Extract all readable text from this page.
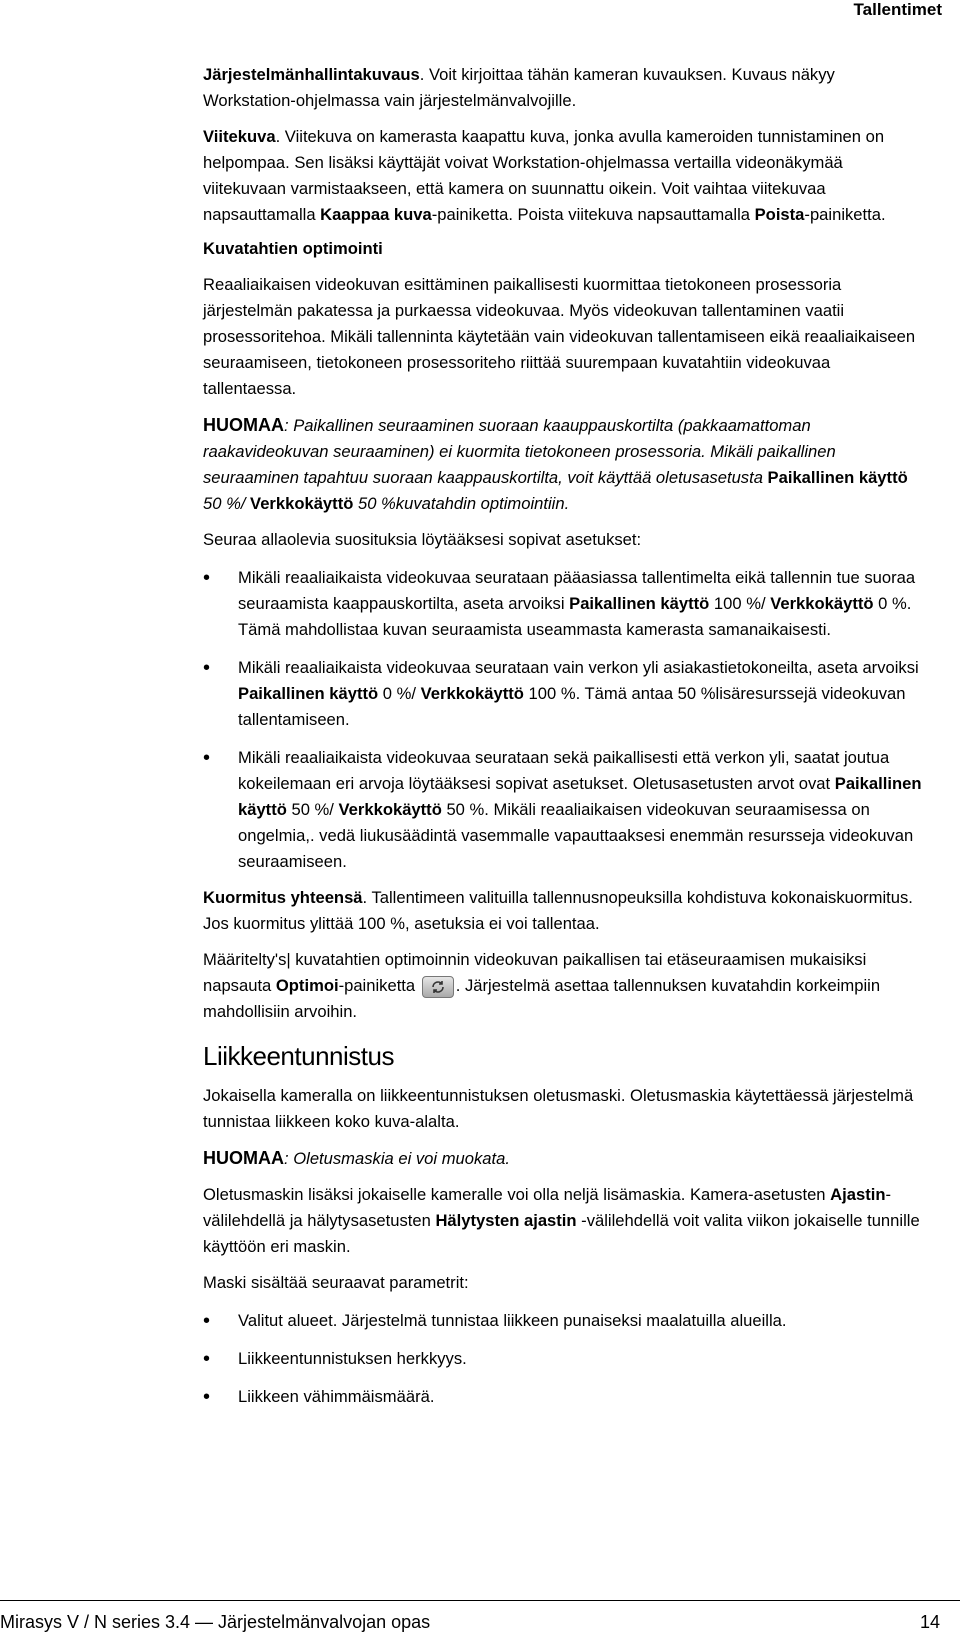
Tallentimet

Järjestelmänhallintakuvaus. Voit kirjoittaa tähän kameran kuvauksen. Kuvaus näkyy Workstation-ohjelmassa vain järjestelmänvalvojille.

Viitekuva. Viitekuva on kamerasta kaapattu kuva, jonka avulla kameroiden tunnistaminen on helpompaa. Sen lisäksi käyttäjät voivat Workstation-ohjelmassa vertailla videonäkymää viitekuvaan varmistaakseen, että kamera on suunnattu oikein. Voit vaihtaa viitekuvaa napsauttamalla Kaappaa kuva-painiketta. Poista viitekuva napsauttamalla Poista-painiketta.

Kuvatahtien optimointi

Reaaliaikaisen videokuvan esittäminen paikallisesti kuormittaa tietokoneen prosessoria järjestelmän pakatessa ja purkaessa videokuvaa. Myös videokuvan tallentaminen vaatii prosessoritehoa. Mikäli tallenninta käytetään vain videokuvan tallentamiseen eikä reaaliaikaiseen seuraamiseen, tietokoneen prosessoriteho riittää suurempaan kuvatahtiin videokuvaa tallentaessa.

HUOMAA: Paikallinen seuraaminen suoraan kaauppauskortilta (pakkaamattoman raakavideokuvan seuraaminen) ei kuormita tietokoneen prosessoria. Mikäli paikallinen seuraaminen tapahtuu suoraan kaappauskortilta, voit käyttää oletusasetusta Paikallinen käyttö 50 %/ Verkkokäyttö 50 %kuvatahdin optimointiin.

Seuraa allaolevia suosituksia löytääksesi sopivat asetukset:

• Mikäli reaaliaikaista videokuvaa seurataan pääasiassa tallentimelta eikä tallennin tue suoraa seuraamista kaappauskortilta, aseta arvoiksi Paikallinen käyttö 100 %/ Verkkokäyttö 0 %. Tämä mahdollistaa kuvan seuraamista useammasta kamerasta samanaikaisesti.
• Mikäli reaaliaikaista videokuvaa seurataan vain verkon yli asiakastietokoneilta, aseta arvoiksi Paikallinen käyttö 0 %/ Verkkokäyttö 100 %. Tämä antaa 50 %lisäresurssejä videokuvan tallentamiseen.
• Mikäli reaaliaikaista videokuvaa seurataan sekä paikallisesti että verkon yli, saatat joutua kokeilemaan eri arvoja löytääksesi sopivat asetukset. Oletusasetusten arvot ovat Paikallinen käyttö 50 %/ Verkkokäyttö 50 %. Mikäli reaaliaikaisen videokuvan seuraamisessa on ongelmia,. vedä liukusäädintä vasemmalle vapauttaaksesi enemmän resursseja videokuvan seuraamiseen.

Kuormitus yhteensä. Tallentimeen valituilla tallennusnopeuksilla kohdistuva kokonaiskuormitus. Jos kuormitus ylittää 100 %, asetuksia ei voi tallentaa.

Määritelty's| kuvatahtien optimoinnin videokuvan paikallisen tai etäseuraamisen mukaisiksi napsauta Optimoi-painiketta
. Järjestelmä asettaa tallennuksen kuvatahdin korkeimpiin mahdollisiin arvoihin.

Liikkeentunnistus

Jokaisella kameralla on liikkeentunnistuksen oletusmaski. Oletusmaskia käytettäessä järjestelmä tunnistaa liikkeen koko kuva-alalta.

HUOMAA: Oletusmaskia ei voi muokata.

Oletusmaskin lisäksi jokaiselle kameralle voi olla neljä lisämaskia. Kamera-asetusten Ajastin-välilehdellä ja hälytysasetusten Hälytysten ajastin -välilehdellä voit valita viikon jokaiselle tunnille käyttöön eri maskin.

Maski sisältää seuraavat parametrit:

• Valitut alueet. Järjestelmä tunnistaa liikkeen punaiseksi maalatuilla alueilla.
• Liikkeentunnistuksen herkkyys.
• Liikkeen vähimmäismäärä.
Mirasys V / N series 3.4 — Järjestelmänvalvojan opas	14
